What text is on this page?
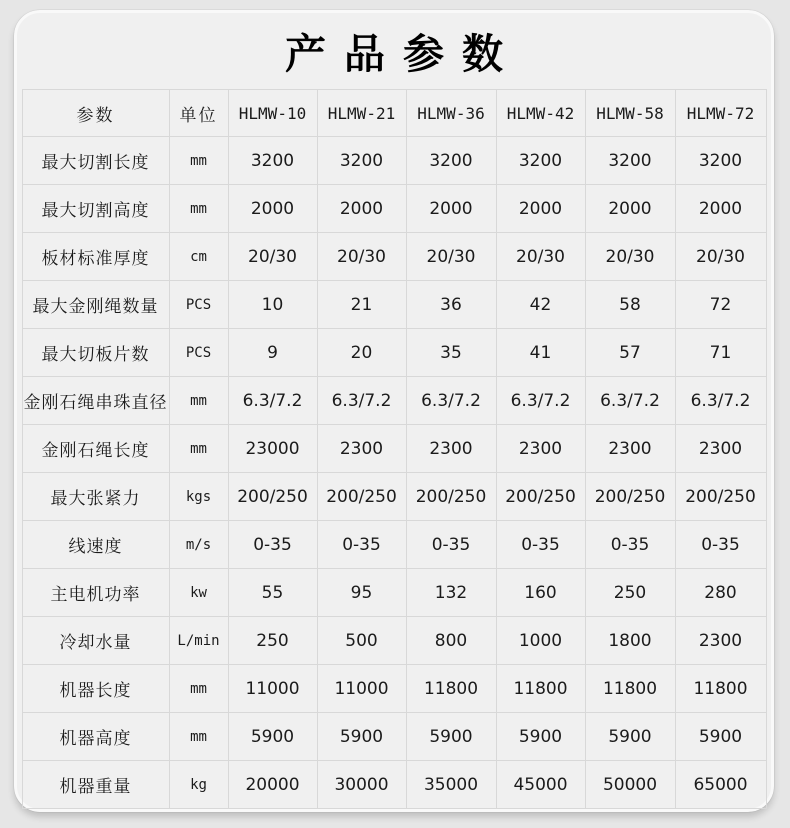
产品参数
参数	单位	HLMW-10	HLMW-21	HLMW-36	HLMW-42	HLMW-58	HLMW-72
最大切割长度	mm	3200	3200	3200	3200	3200	3200
最大切割高度	mm	2000	2000	2000	2000	2000	2000
板材标准厚度	cm	20/30	20/30	20/30	20/30	20/30	20/30
最大金刚绳数量	PCS	10	21	36	42	58	72
最大切板片数	PCS	9	20	35	41	57	71
金刚石绳串珠直径	mm	6.3/7.2	6.3/7.2	6.3/7.2	6.3/7.2	6.3/7.2	6.3/7.2
金刚石绳长度	mm	23000	2300	2300	2300	2300	2300
最大张紧力	kgs	200/250	200/250	200/250	200/250	200/250	200/250
线速度	m/s	0-35	0-35	0-35	0-35	0-35	0-35
主电机功率	kw	55	95	132	160	250	280
冷却水量	L/min	250	500	800	1000	1800	2300
机器长度	mm	11000	11000	11800	11800	11800	11800
机器高度	mm	5900	5900	5900	5900	5900	5900
机器重量	kg	20000	30000	35000	45000	50000	65000
